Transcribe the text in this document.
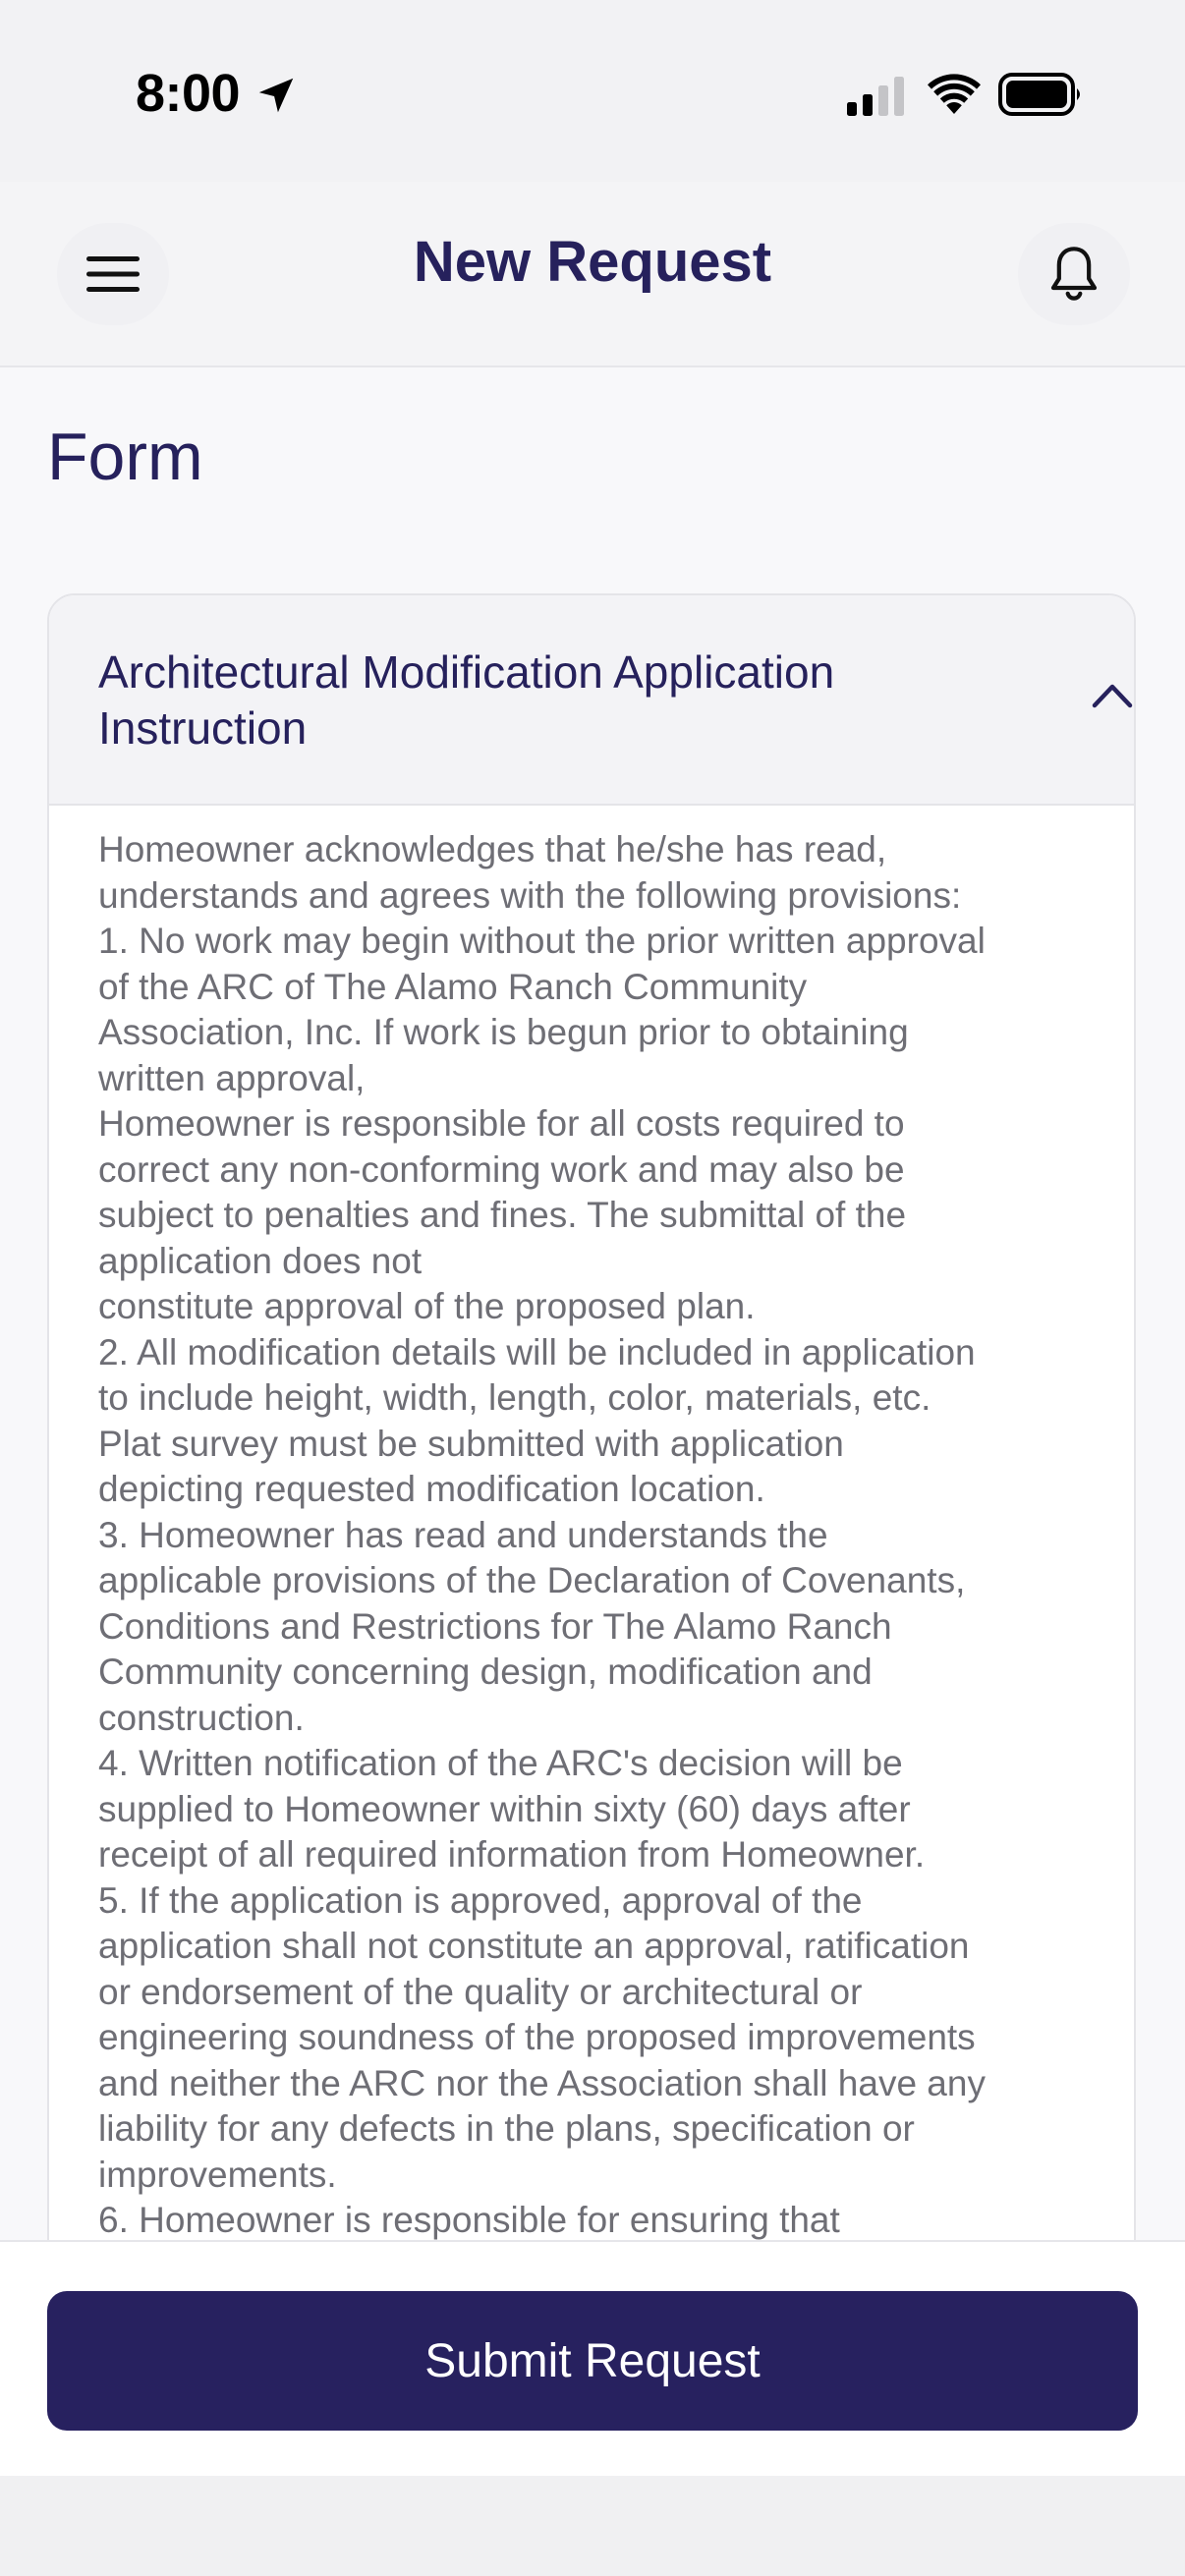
8:00
New Request
Form
Architectural Modification Application Instruction

Homeowner acknowledges that he/she has read,

understands and agrees with the following provisions:

1. No work may begin without the prior written approval

of the ARC of The Alamo Ranch Community

Association, Inc. If work is begun prior to obtaining

written approval,

Homeowner is responsible for all costs required to

correct any non-conforming work and may also be

subject to penalties and fines. The submittal of the

application does not

constitute approval of the proposed plan.

2. All modification details will be included in application

to include height, width, length, color, materials, etc.

Plat survey must be submitted with application

depicting requested modification location.

3. Homeowner has read and understands the

applicable provisions of the Declaration of Covenants,

Conditions and Restrictions for The Alamo Ranch

Community concerning design, modification and

construction.

4. Written notification of the ARC's decision will be

supplied to Homeowner within sixty (60) days after

receipt of all required information from Homeowner.

5. If the application is approved, approval of the

application shall not constitute an approval, ratification

or endorsement of the quality or architectural or

engineering soundness of the proposed improvements

and neither the ARC nor the Association shall have any

liability for any defects in the plans, specification or

improvements.

6. Homeowner is responsible for ensuring that

Submit Request
